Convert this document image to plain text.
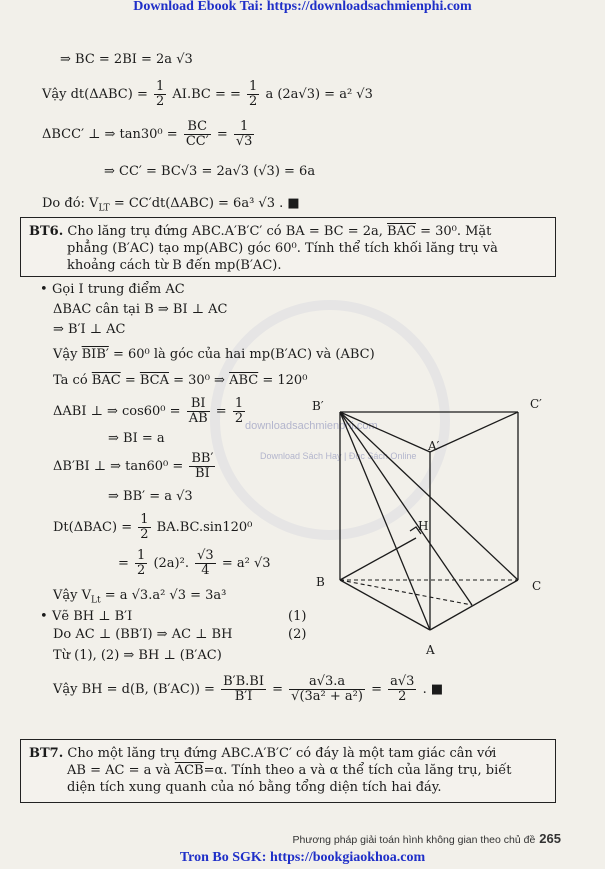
Download Ebook Tai: https://downloadsachmienphi.com
downloadsachmienphi.com
Download Sách Hay | Đọc Sách Online
⇒ BC = 2BI = 2a √3
Vậy $dt(\Delta ABC) = \frac{1}{2} AI.BC$ = = $\frac{1}{2}$ a (2a√3) = a² √3
ΔBCC′ ⊥ ⇒ $\tan 30^0 = \frac{BC}{CC'} = \frac{1}{√3}$
⇒ CC′ = BC√3 = 2a√3 (√3) = 6a
Do đó: $V_{LT} = CC'dt(\Delta ABC) = 6a^3$ √3 . ■
BT6. Cho lăng trụ đứng ABC.A′B′C′ có BA = BC = 2a, $\overline{BAC} = 30^0$. Mặt
phẳng (B′AC) tạo mp(ABC) góc 60⁰. Tính thể tích khối lăng trụ và
khoảng cách từ B đến mp(B′AC).
• Gọi I trung điểm AC
ΔBAC cân tại B ⇒ BI ⊥ AC
⇒ B′I ⊥ AC
Vậy BIB′ = 60⁰ là góc của hai mp(B′AC) và (ABC)
Ta có $\overline{BAC} = \overline{BCA} = 30^0$ ⇒ $\overline{ABC} = 120^0$
ΔABI ⊥ ⇒ $\cos 60^0 = \frac{BI}{AB} = \frac{1}{2}$
⇒ BI = a
ΔB′BI ⊥ ⇒ $\tan 60^0 = \frac{BB'}{BI}$
⇒ BB′ = a √3
$Dt(\Delta BAC) = \frac{1}{2} BA.BC.\sin 120^0$
= $\frac{1}{2} (2a)^2$. $\frac{√3}{4} = a^2$ √3
Vậy $V_{Lt} = a$ √3.a² √3 = 3a³
• Vẽ BH ⊥ B′I	(1)
Do AC ⊥ (BB′I) ⇒ AC ⊥ BH	(2)
Từ (1), (2) ⇒ BH ⊥ (B′AC)
Vậy BH = d(B, $(B'AC)) = \frac{B'B.BI}{B'I} = \frac{a√3.a}{\text{√(3a² + a²)}} = \frac{a√3}{2}$ . ■
B′	C′
A′
H
B	C
A
BT7. Cho một lăng trụ đứng ABC.A′B′C′ có đáy là một tam giác cân với
AB = AC = a và $\overline{ACB}=\alpha$. Tính theo a và α thể tích của lăng trụ, biết
diện tích xung quanh của nó bằng tổng diện tích hai đáy.
Phương pháp giải toán hình không gian theo chủ đề 265
Tron Bo SGK: https://bookgiaokhoa.com
